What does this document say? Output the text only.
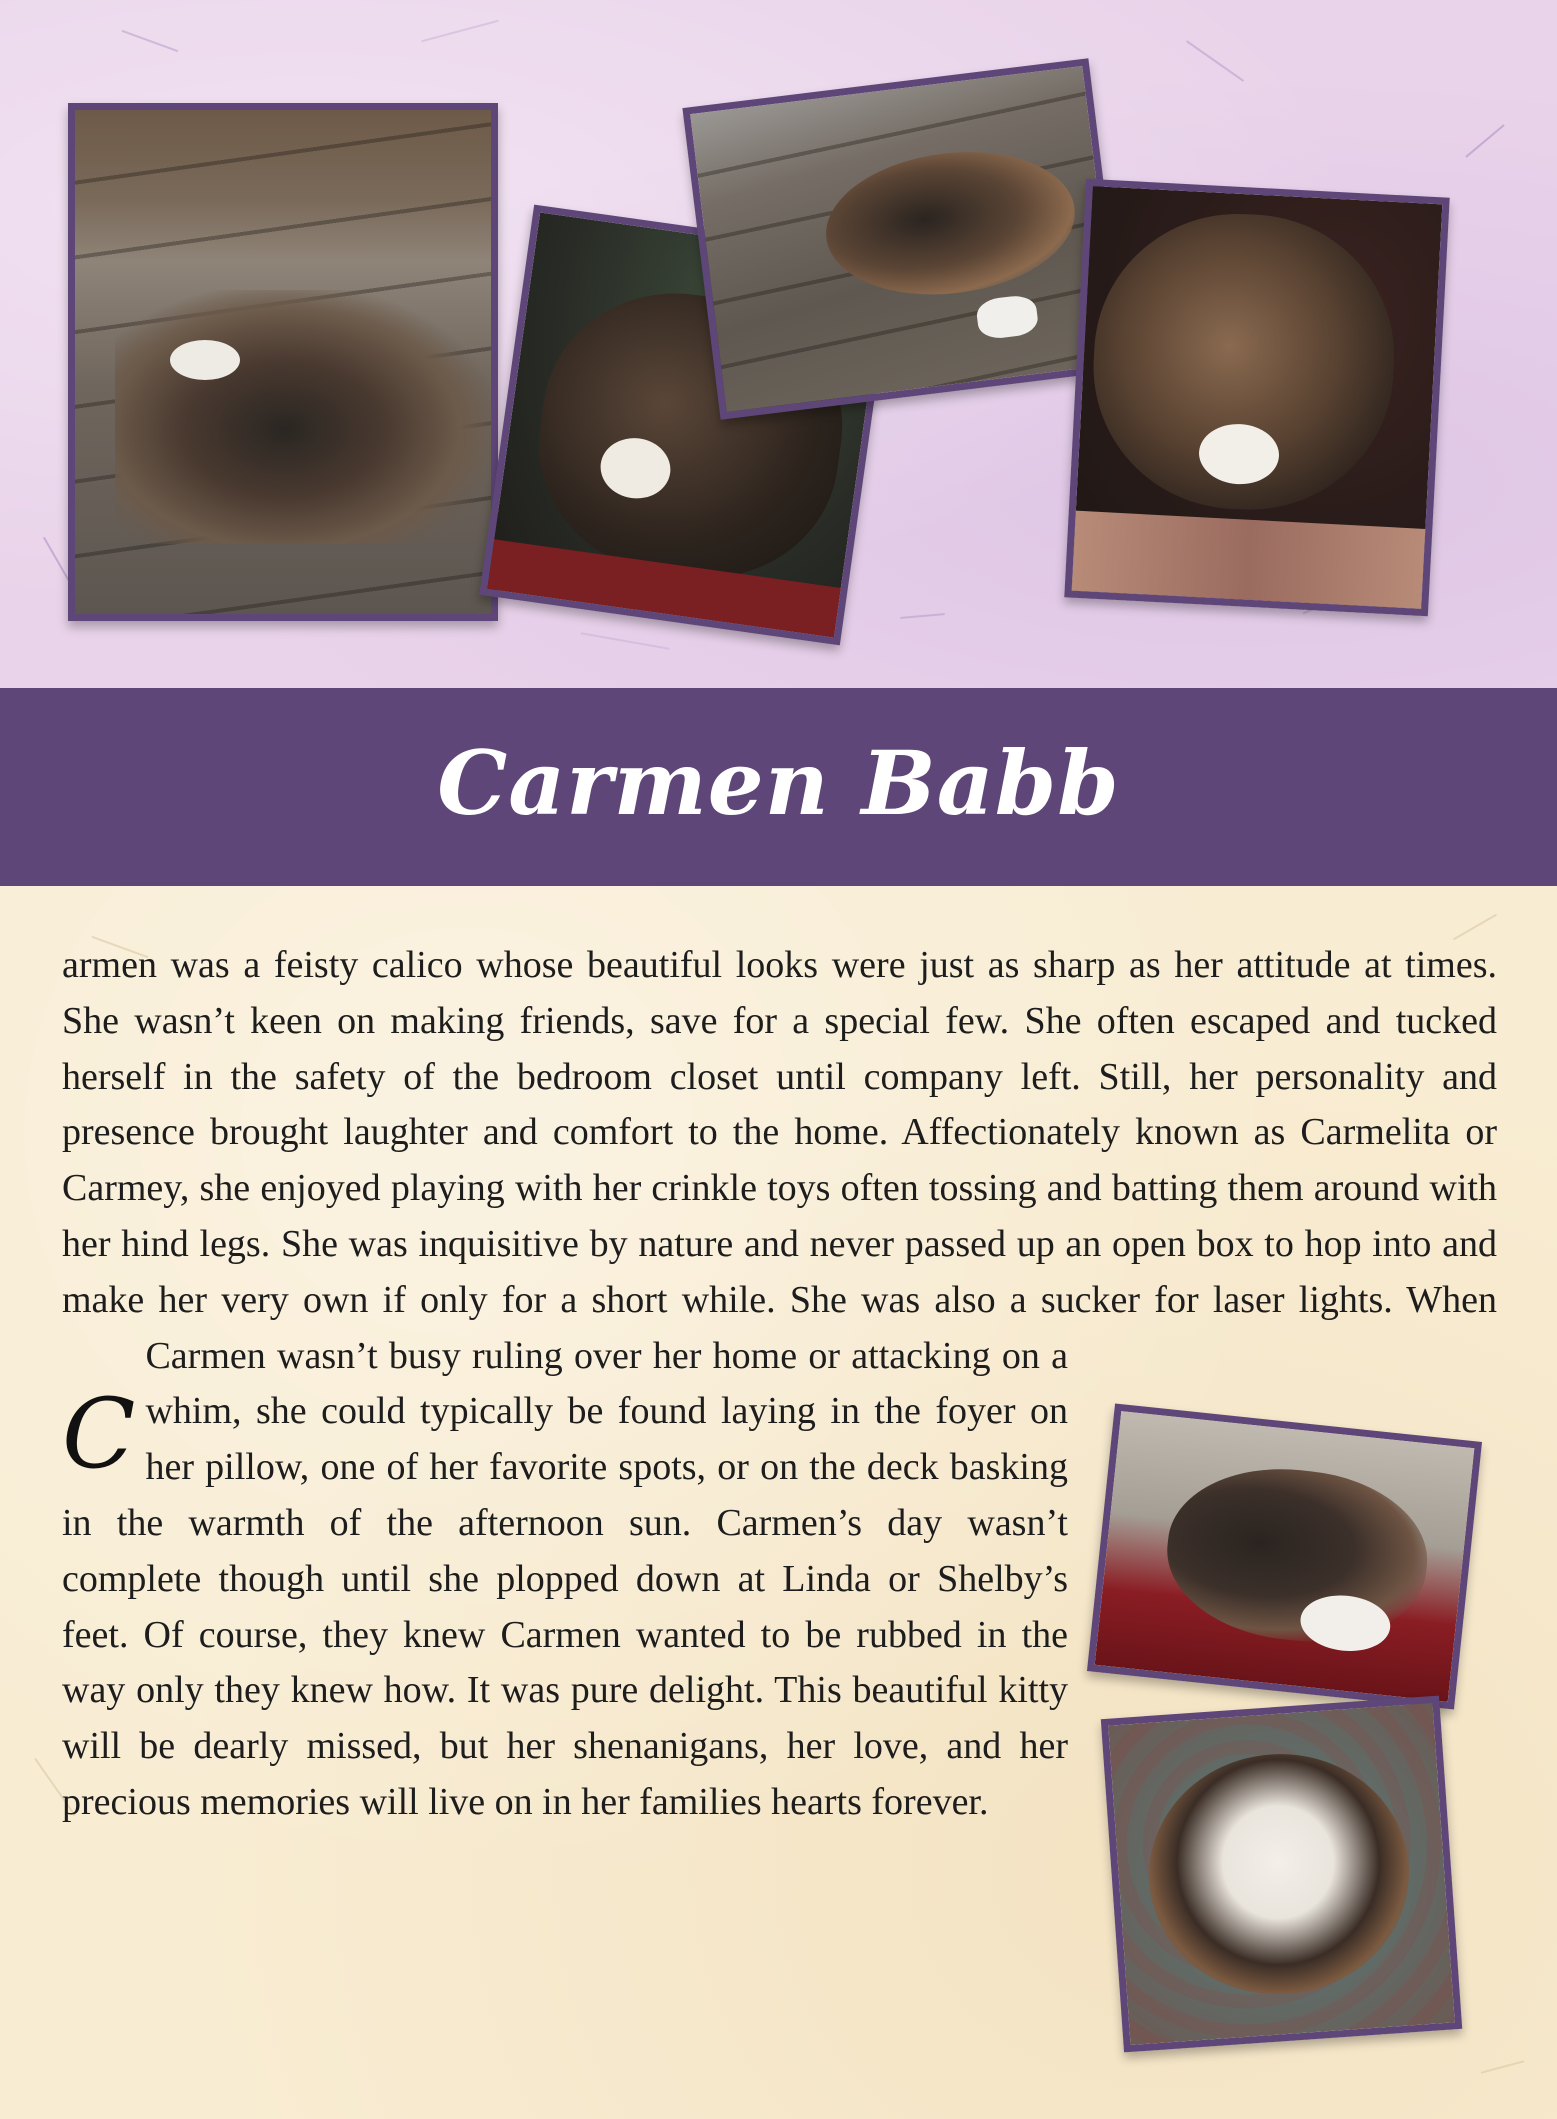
Carmen Babb
C
armen was a feisty calico whose beautiful looks were just as sharp as her attitude at times. She wasn’t keen on making friends, save for a special few. She often escaped and tucked herself in the safety of the bedroom closet until company left. Still, her personality and presence brought laughter and comfort to the home. Affectionately known as Carmelita or Carmey, she enjoyed playing with her crinkle toys often tossing and batting them around with her hind legs. She was inquisitive by nature and never passed up an open box to hop into and make her very own if only for a short while. She was also a sucker for laser lights. When Carmen wasn’t busy ruling over her home or attacking on a whim, she could typically be found laying in the foyer on her pillow, one of her favorite spots, or on the deck basking in the warmth of the afternoon sun. Carmen’s day wasn’t complete though until she plopped down at Linda or Shelby’s feet. Of course, they knew Carmen wanted to be rubbed in the way only they knew how. It was pure delight. This beautiful kitty will be dearly missed, but her shenanigans, her love, and her precious memories will live on in her families hearts forever.
